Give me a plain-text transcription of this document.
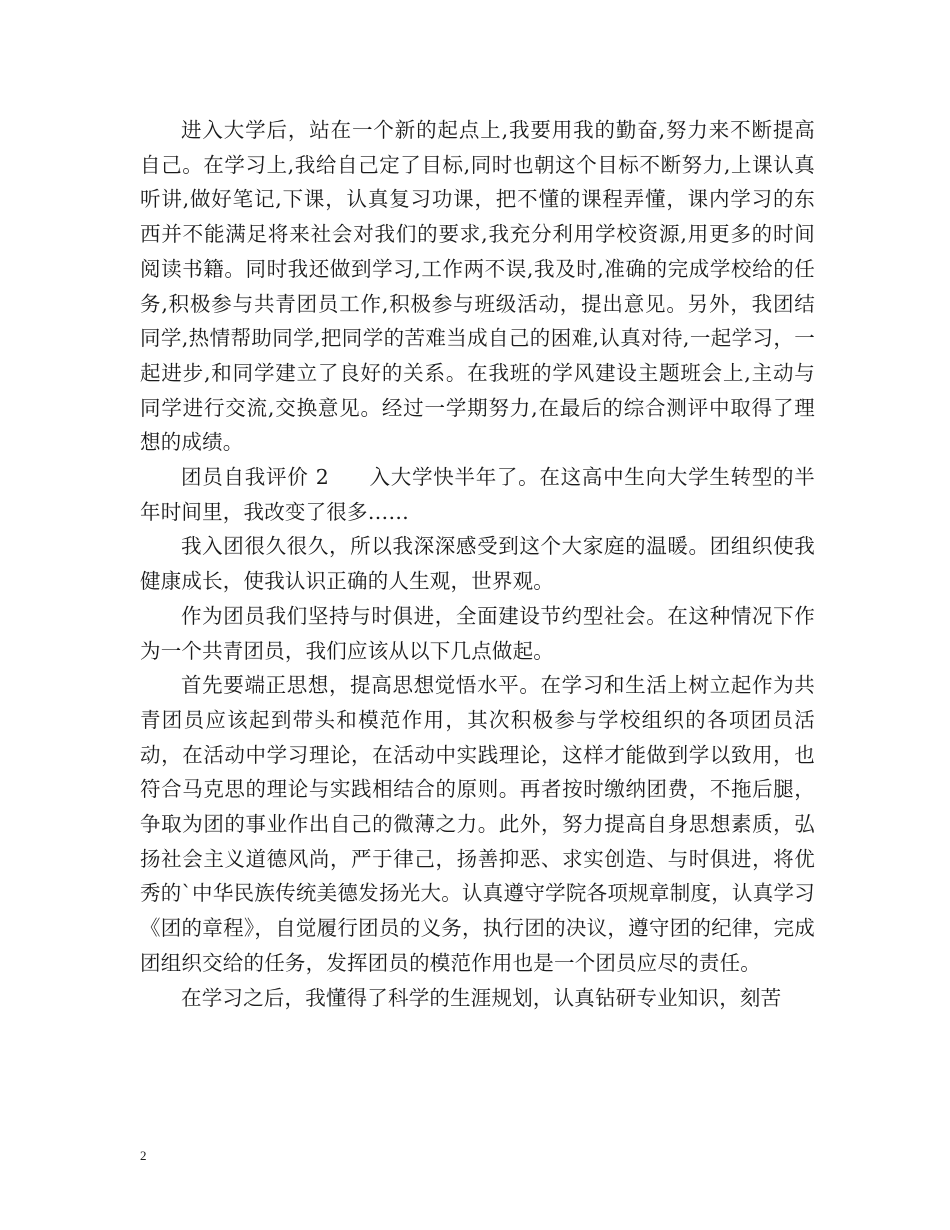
进入大学后，站在一个新的起点上,我要用我的勤奋,努力来不断提高自己。在学习上,我给自己定了目标,同时也朝这个目标不断努力,上课认真听讲,做好笔记,下课，认真复习功课，把不懂的课程弄懂，课内学习的东西并不能满足将来社会对我们的要求,我充分利用学校资源,用更多的时间阅读书籍。同时我还做到学习,工作两不误,我及时,准确的完成学校给的任务,积极参与共青团员工作,积极参与班级活动，提出意见。另外，我团结同学,热情帮助同学,把同学的苦难当成自己的困难,认真对待,一起学习，一起进步,和同学建立了良好的关系。在我班的学风建设主题班会上,主动与同学进行交流,交换意见。经过一学期努力,在最后的综合测评中取得了理想的成绩。

团员自我评价 2 入大学快半年了。在这高中生向大学生转型的半年时间里，我改变了很多……

我入团很久很久，所以我深深感受到这个大家庭的温暖。团组织使我健康成长，使我认识正确的人生观，世界观。

作为团员我们坚持与时俱进，全面建设节约型社会。在这种情况下作为一个共青团员，我们应该从以下几点做起。

首先要端正思想，提高思想觉悟水平。在学习和生活上树立起作为共青团员应该起到带头和模范作用，其次积极参与学校组织的各项团员活动，在活动中学习理论，在活动中实践理论，这样才能做到学以致用，也符合马克思的理论与实践相结合的原则。再者按时缴纳团费，不拖后腿，争取为团的事业作出自己的微薄之力。此外，努力提高自身思想素质，弘扬社会主义道德风尚，严于律己，扬善抑恶、求实创造、与时俱进，将优秀的`中华民族传统美德发扬光大。认真遵守学院各项规章制度，认真学习《团的章程》，自觉履行团员的义务，执行团的决议，遵守团的纪律，完成团组织交给的任务，发挥团员的模范作用也是一个团员应尽的责任。

在学习之后，我懂得了科学的生涯规划，认真钻研专业知识，刻苦

2
